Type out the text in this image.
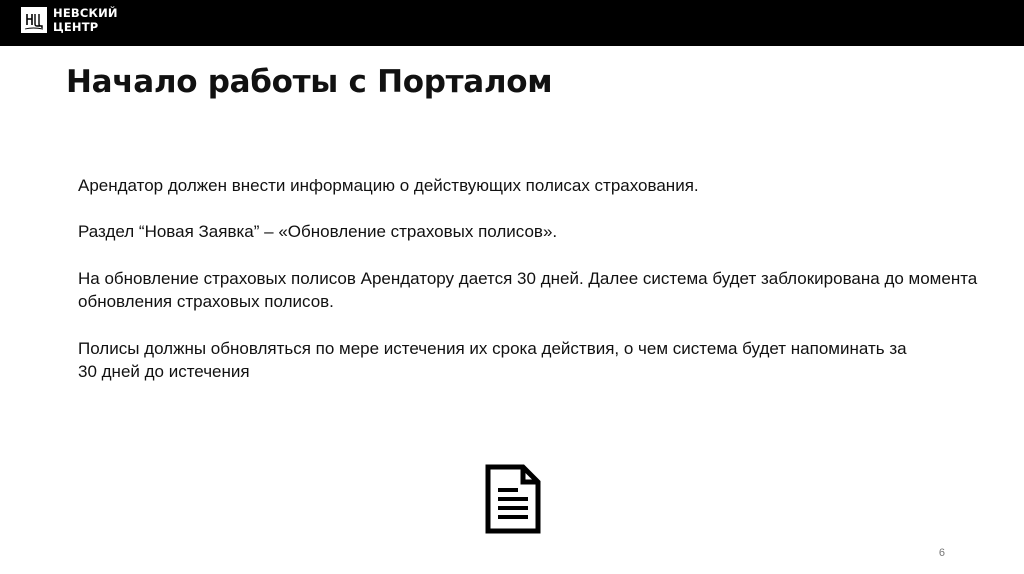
НЕВСКИЙ
ЦЕНТР
Начало работы с Порталом

Арендатор должен внести информацию о действующих полисах страхования.

Раздел “Новая Заявка” – «Обновление страховых полисов».

На обновление страховых полисов Арендатору дается 30 дней. Далее система будет заблокирована до момента обновления страховых полисов.

Полисы должны обновляться по мере истечения их срока действия, о чем система будет напоминать за 30 дней до истечения

6
